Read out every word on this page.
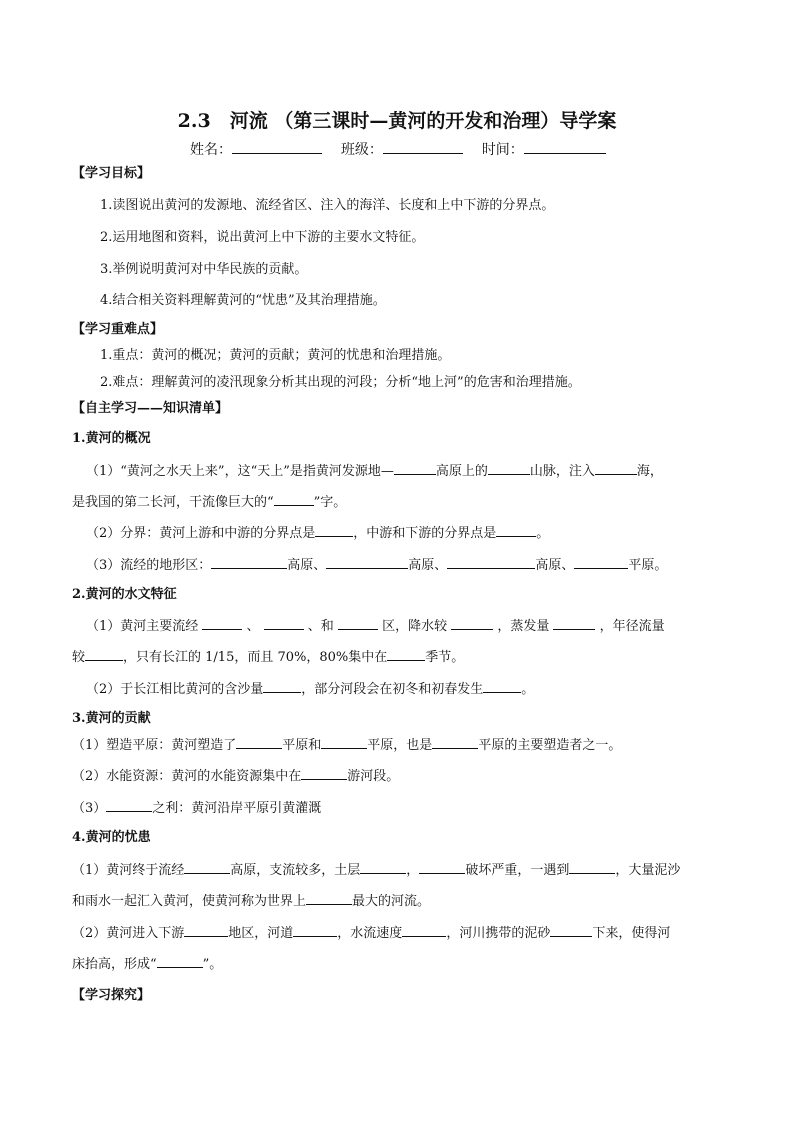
2.3　河流 （第三课时—黄河的开发和治理）导学案
姓名：	班级：	时间：
【学习目标】
1.读图说出黄河的发源地、流经省区、注入的海洋、长度和上中下游的分界点。
2.运用地图和资料，说出黄河上中下游的主要水文特征。
3.举例说明黄河对中华民族的贡献。
4.结合相关资料理解黄河的“忧患”及其治理措施。
【学习重难点】
1.重点：黄河的概况；黄河的贡献；黄河的忧患和治理措施。
2.难点：理解黄河的凌汛现象分析其出现的河段；分析“地上河”的危害和治理措施。
【自主学习——知识清单】
1.黄河的概况
（1）“黄河之水天上来”，这“天上”是指黄河发源地—	高原上的	山脉，注入	海，
是我国的第二长河，干流像巨大的“	”字。
（2）分界：黄河上游和中游的分界点是	，中游和下游的分界点是	。
（3）流经的地形区：	高原、	高原、	高原、	平原。
2.黄河的水文特征
（1）黄河主要流经	、	、和	区，降水较	，蒸发量	，年径流量
较	，只有长江的 1/15，而且 70%，80%集中在	季节。
（2）于长江相比黄河的含沙量	，部分河段会在初冬和初春发生	。
3.黄河的贡献
（1）塑造平原：黄河塑造了	平原和	平原，也是	平原的主要塑造者之一。
（2）水能资源：黄河的水能资源集中在	游河段。
（3）	之利：黄河沿岸平原引黄灌溉
4.黄河的忧患
（1）黄河终于流经	高原，支流较多，土层	，	破坏严重，一遇到	，大量泥沙
和雨水一起汇入黄河，使黄河称为世界上	最大的河流。
（2）黄河进入下游	地区，河道	，水流速度	，河川携带的泥砂	下来，使得河
床抬高，形成“	”。
【学习探究】
